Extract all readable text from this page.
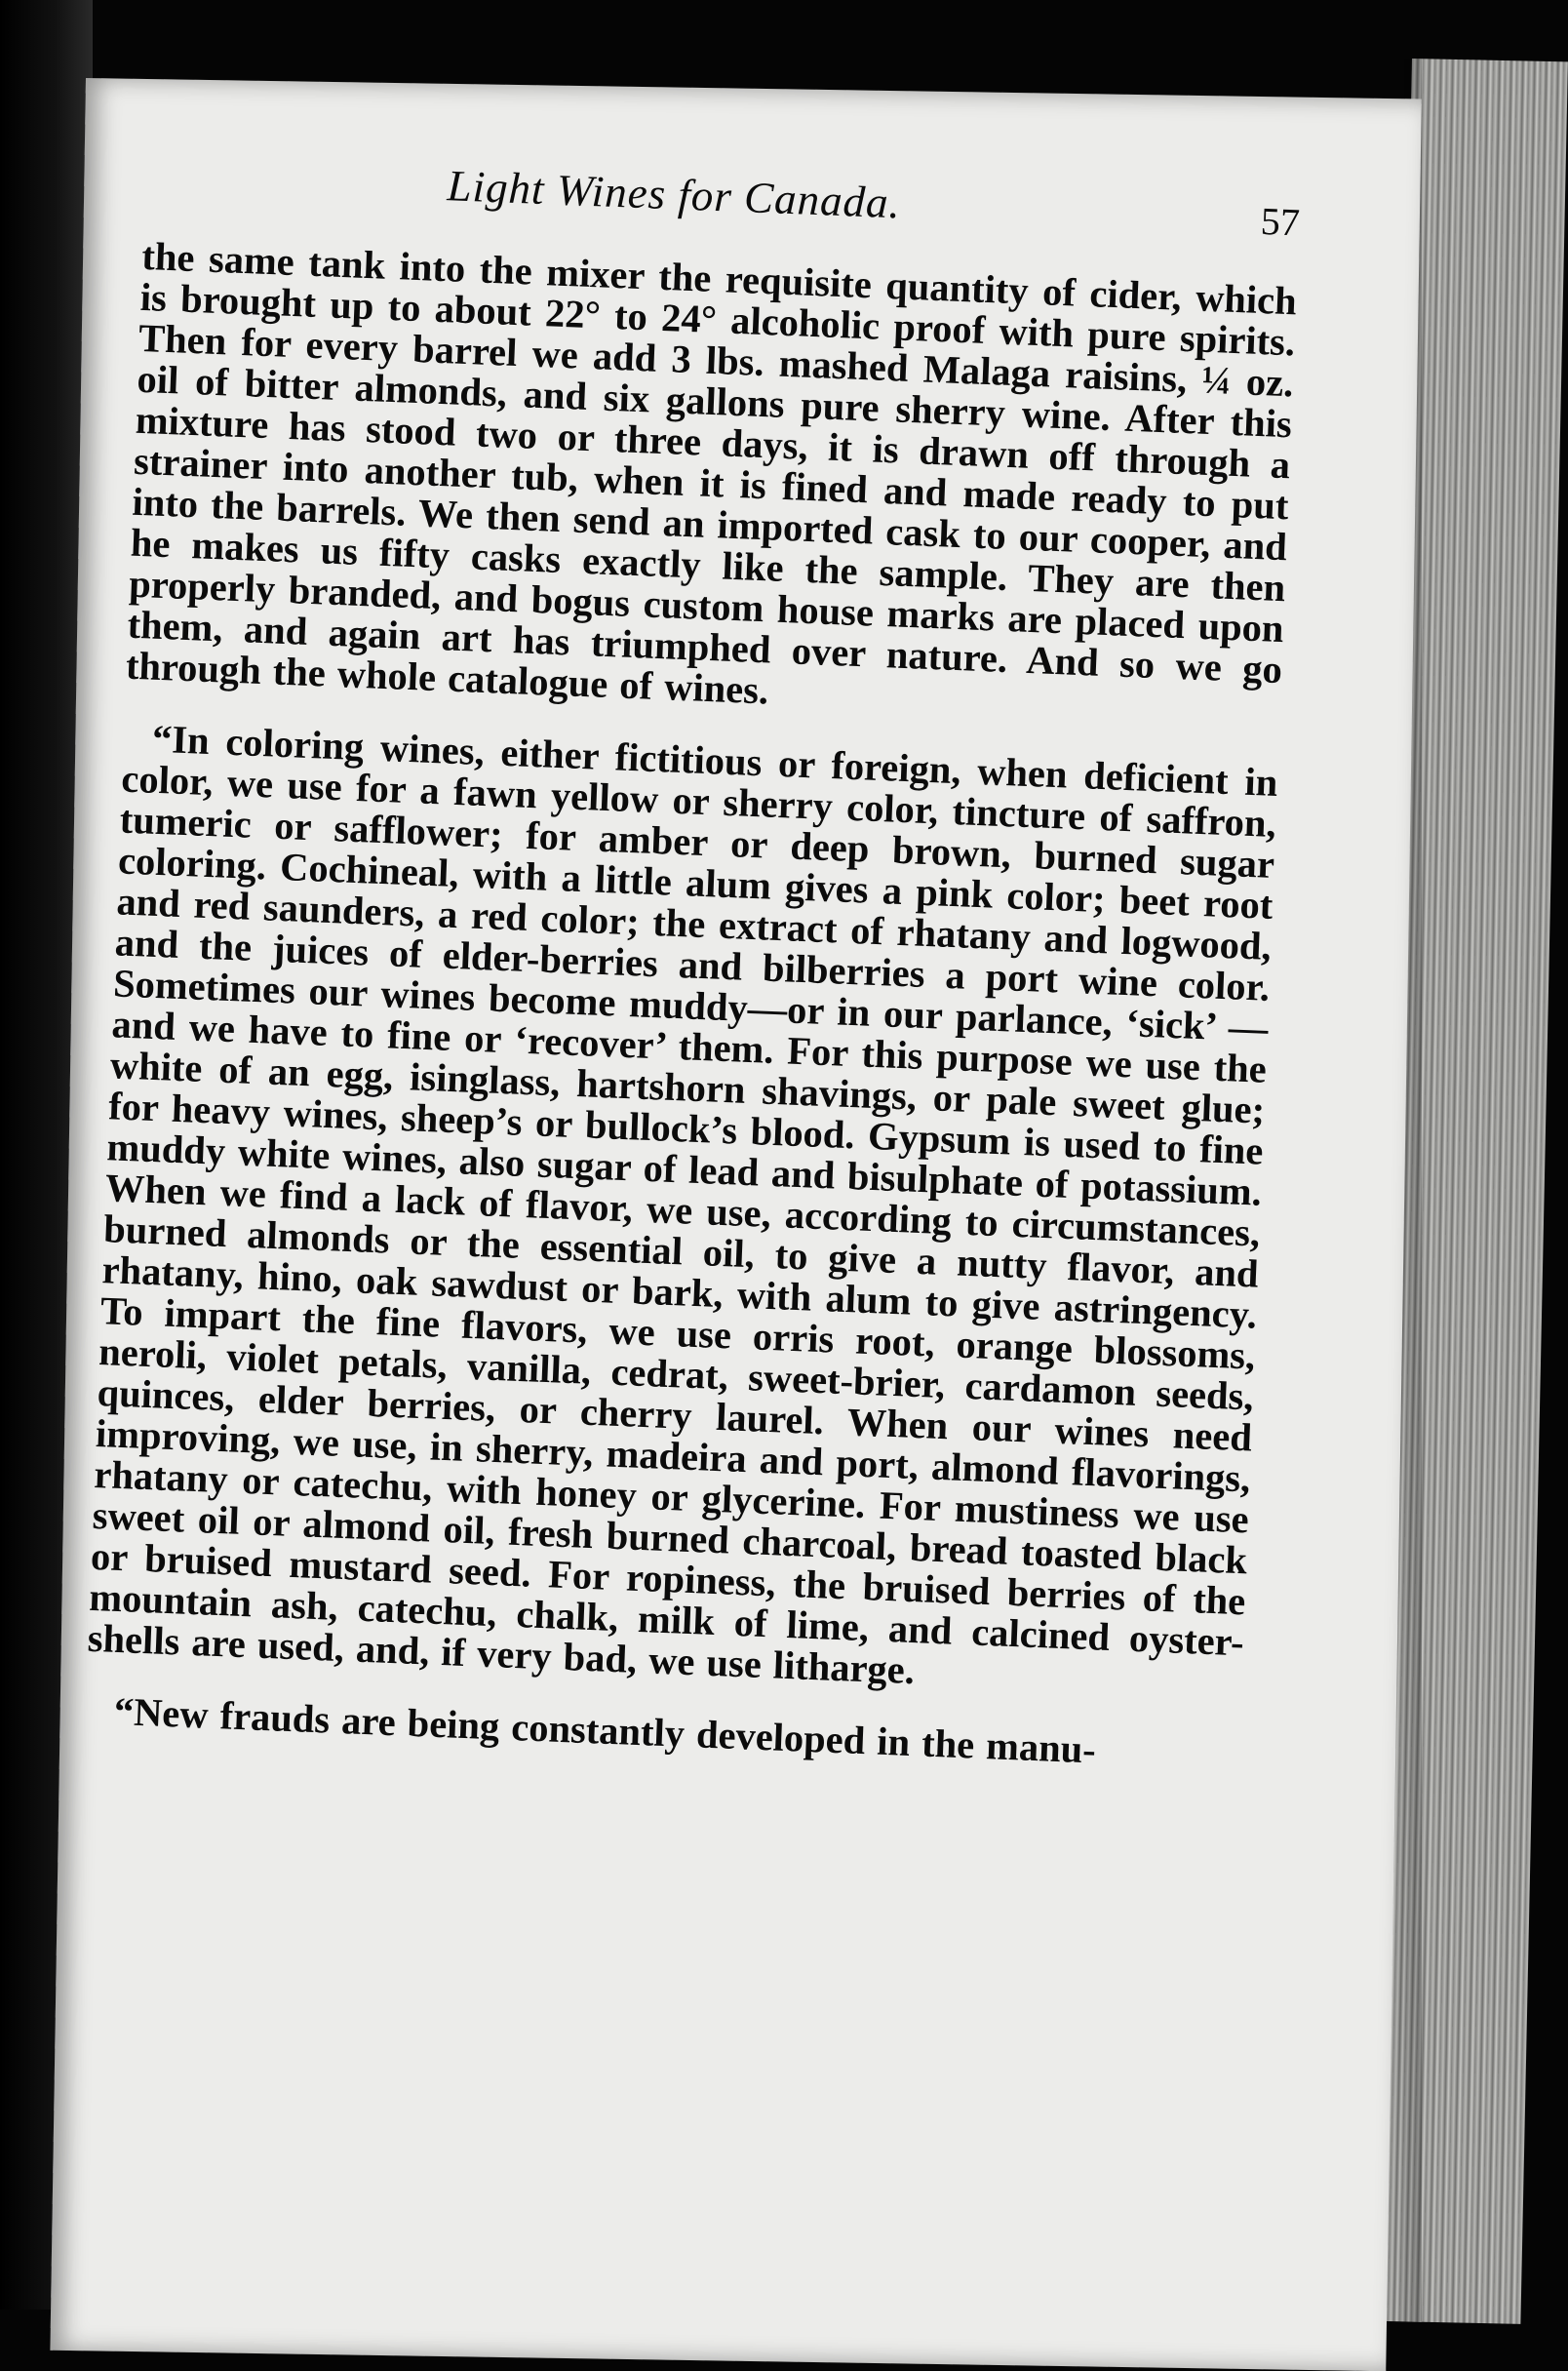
Light Wines for Canada.	57

the same tank into the mixer the requisite quantity of cider, which is brought up to about 22° to 24° alcoholic proof with pure spirits. Then for every barrel we add 3 lbs. mashed Malaga raisins, ¼ oz. oil of bitter almonds, and six gallons pure sherry wine. After this mixture has stood two or three days, it is drawn off through a strainer into another tub, when it is fined and made ready to put into the barrels. We then send an imported cask to our cooper, and he makes us fifty casks exactly like the sample. They are then properly branded, and bogus custom house marks are placed upon them, and again art has triumphed over nature. And so we go through the whole catalogue of wines.

“In coloring wines, either fictitious or foreign, when deficient in color, we use for a fawn yellow or sherry color, tincture of saffron, tumeric or safflower; for amber or deep brown, burned sugar coloring. Cochineal, with a little alum gives a pink color; beet root and red saunders, a red color; the extract of rhatany and logwood, and the juices of elder-berries and bilberries a port wine color. Sometimes our wines become muddy—or in our parlance, ‘sick’ —and we have to fine or ‘recover’ them. For this purpose we use the white of an egg, isinglass, hartshorn shavings, or pale sweet glue; for heavy wines, sheep’s or bullock’s blood. Gypsum is used to fine muddy white wines, also sugar of lead and bisulphate of potassium. When we find a lack of flavor, we use, according to circumstances, burned almonds or the essential oil, to give a nutty flavor, and rhatany, hino, oak sawdust or bark, with alum to give astringency. To impart the fine flavors, we use orris root, orange blossoms, neroli, violet petals, vanilla, cedrat, sweet-brier, cardamon seeds, quinces, elder berries, or cherry laurel. When our wines need improving, we use, in sherry, madeira and port, almond flavorings, rhatany or catechu, with honey or glycerine. For mustiness we use sweet oil or almond oil, fresh burned charcoal, bread toasted black or bruised mustard seed. For ropiness, the bruised berries of the mountain ash, catechu, chalk, milk of lime, and calcined oyster-shells are used, and, if very bad, we use litharge.

“New frauds are being constantly developed in the manu-
